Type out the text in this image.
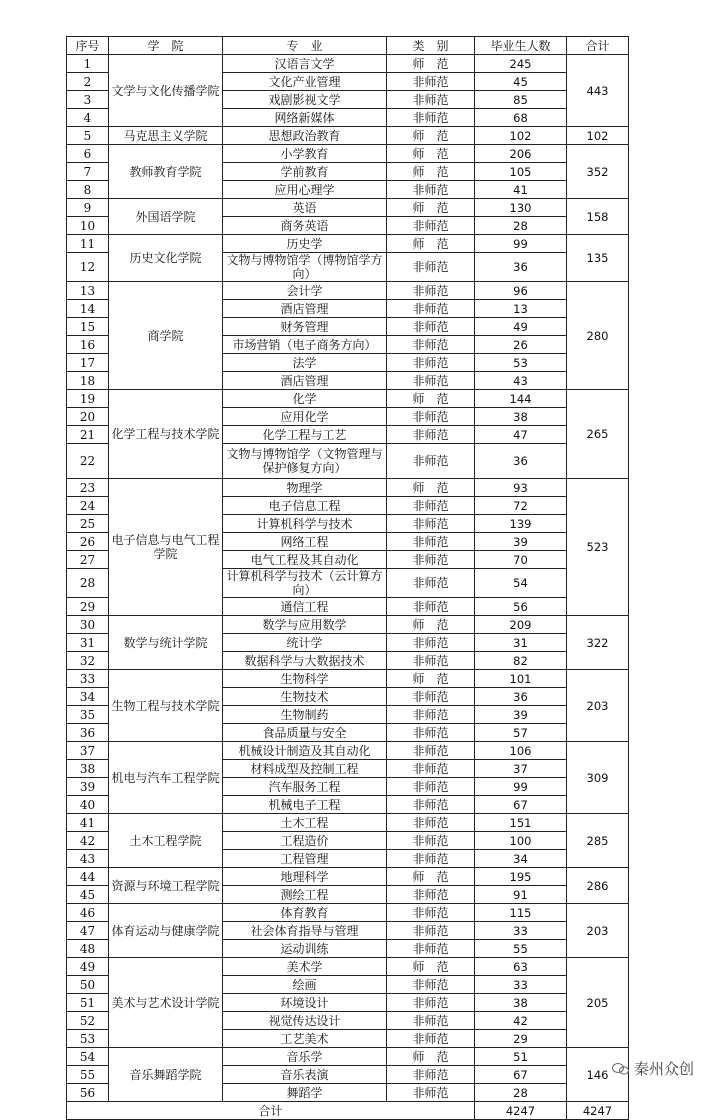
序号	学　院	专　业	类　别	毕业生人数	合计
1	文学与文化传播学院	汉语言文学	师　范	245	443
2		文化产业管理	非师范	45	
3		戏剧影视文学	非师范	85	
4		网络新媒体	非师范	68	
5	马克思主义学院	思想政治教育	师　范	102	102
6	教师教育学院	小学教育	师　范	206	352
7		学前教育	师　范	105	
8		应用心理学	非师范	41	
9	外国语学院	英语	师　范	130	158
10		商务英语	非师范	28	
11	历史文化学院	历史学	师　范	99	135
12		文物与博物馆学（博物馆学方向）	非师范	36	
13	商学院	会计学	非师范	96	280
14		酒店管理	非师范	13	
15		财务管理	非师范	49	
16		市场营销（电子商务方向）	非师范	26	
17		法学	非师范	53	
18		酒店管理	非师范	43	
19	化学工程与技术学院	化学	师　范	144	265
20		应用化学	非师范	38	
21		化学工程与工艺	非师范	47	
22		文物与博物馆学（文物管理与保护修复方向）	非师范	36	
23	电子信息与电气工程学院	物理学	师　范	93	523
24		电子信息工程	非师范	72	
25		计算机科学与技术	非师范	139	
26		网络工程	非师范	39	
27		电气工程及其自动化	非师范	70	
28		计算机科学与技术（云计算方向）	非师范	54	
29		通信工程	非师范	56	
30	数学与统计学院	数学与应用数学	师　范	209	322
31		统计学	非师范	31	
32		数据科学与大数据技术	非师范	82	
33	生物工程与技术学院	生物科学	师　范	101	203
34		生物技术	非师范	36	
35		生物制药	非师范	39	
36		食品质量与安全	非师范	57	
37	机电与汽车工程学院	机械设计制造及其自动化	非师范	106	309
38		材料成型及控制工程	非师范	37	
39		汽车服务工程	非师范	99	
40		机械电子工程	非师范	67	
41	土木工程学院	土木工程	非师范	151	285
42		工程造价	非师范	100	
43		工程管理	非师范	34	
44	资源与环境工程学院	地理科学	师　范	195	286
45		测绘工程	非师范	91	
46	体育运动与健康学院	体育教育	非师范	115	203
47		社会体育指导与管理	非师范	33	
48		运动训练	非师范	55	
49	美术与艺术设计学院	美术学	师　范	63	205
50		绘画	非师范	33	
51		环境设计	非师范	38	
52		视觉传达设计	非师范	42	
53		工艺美术	非师范	29	
54	音乐舞蹈学院	音乐学	师　范	51	146
55		音乐表演	非师范	67	
56		舞蹈学	非师范	28	
合计				4247	4247
秦州众创
